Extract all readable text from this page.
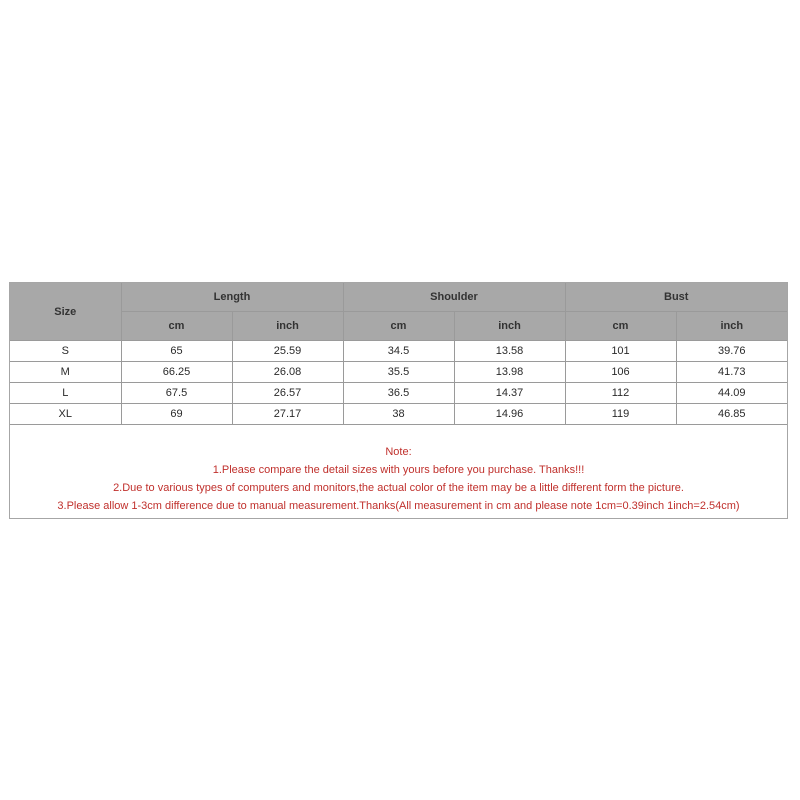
Size	Length		Shoulder		Bust	
	cm	inch	cm	inch	cm	inch
S	65	25.59	34.5	13.58	101	39.76
M	66.25	26.08	35.5	13.98	106	41.73
L	67.5	26.57	36.5	14.37	112	44.09
XL	69	27.17	38	14.96	119	46.85
Note:
1.Please compare the detail sizes with yours before you purchase. Thanks!!!
2.Due to various types of computers and monitors,the actual color of the item may be a little different form the picture.
3.Please allow 1-3cm difference due to manual measurement.Thanks(All measurement in cm and please note 1cm=0.39inch 1inch=2.54cm)
